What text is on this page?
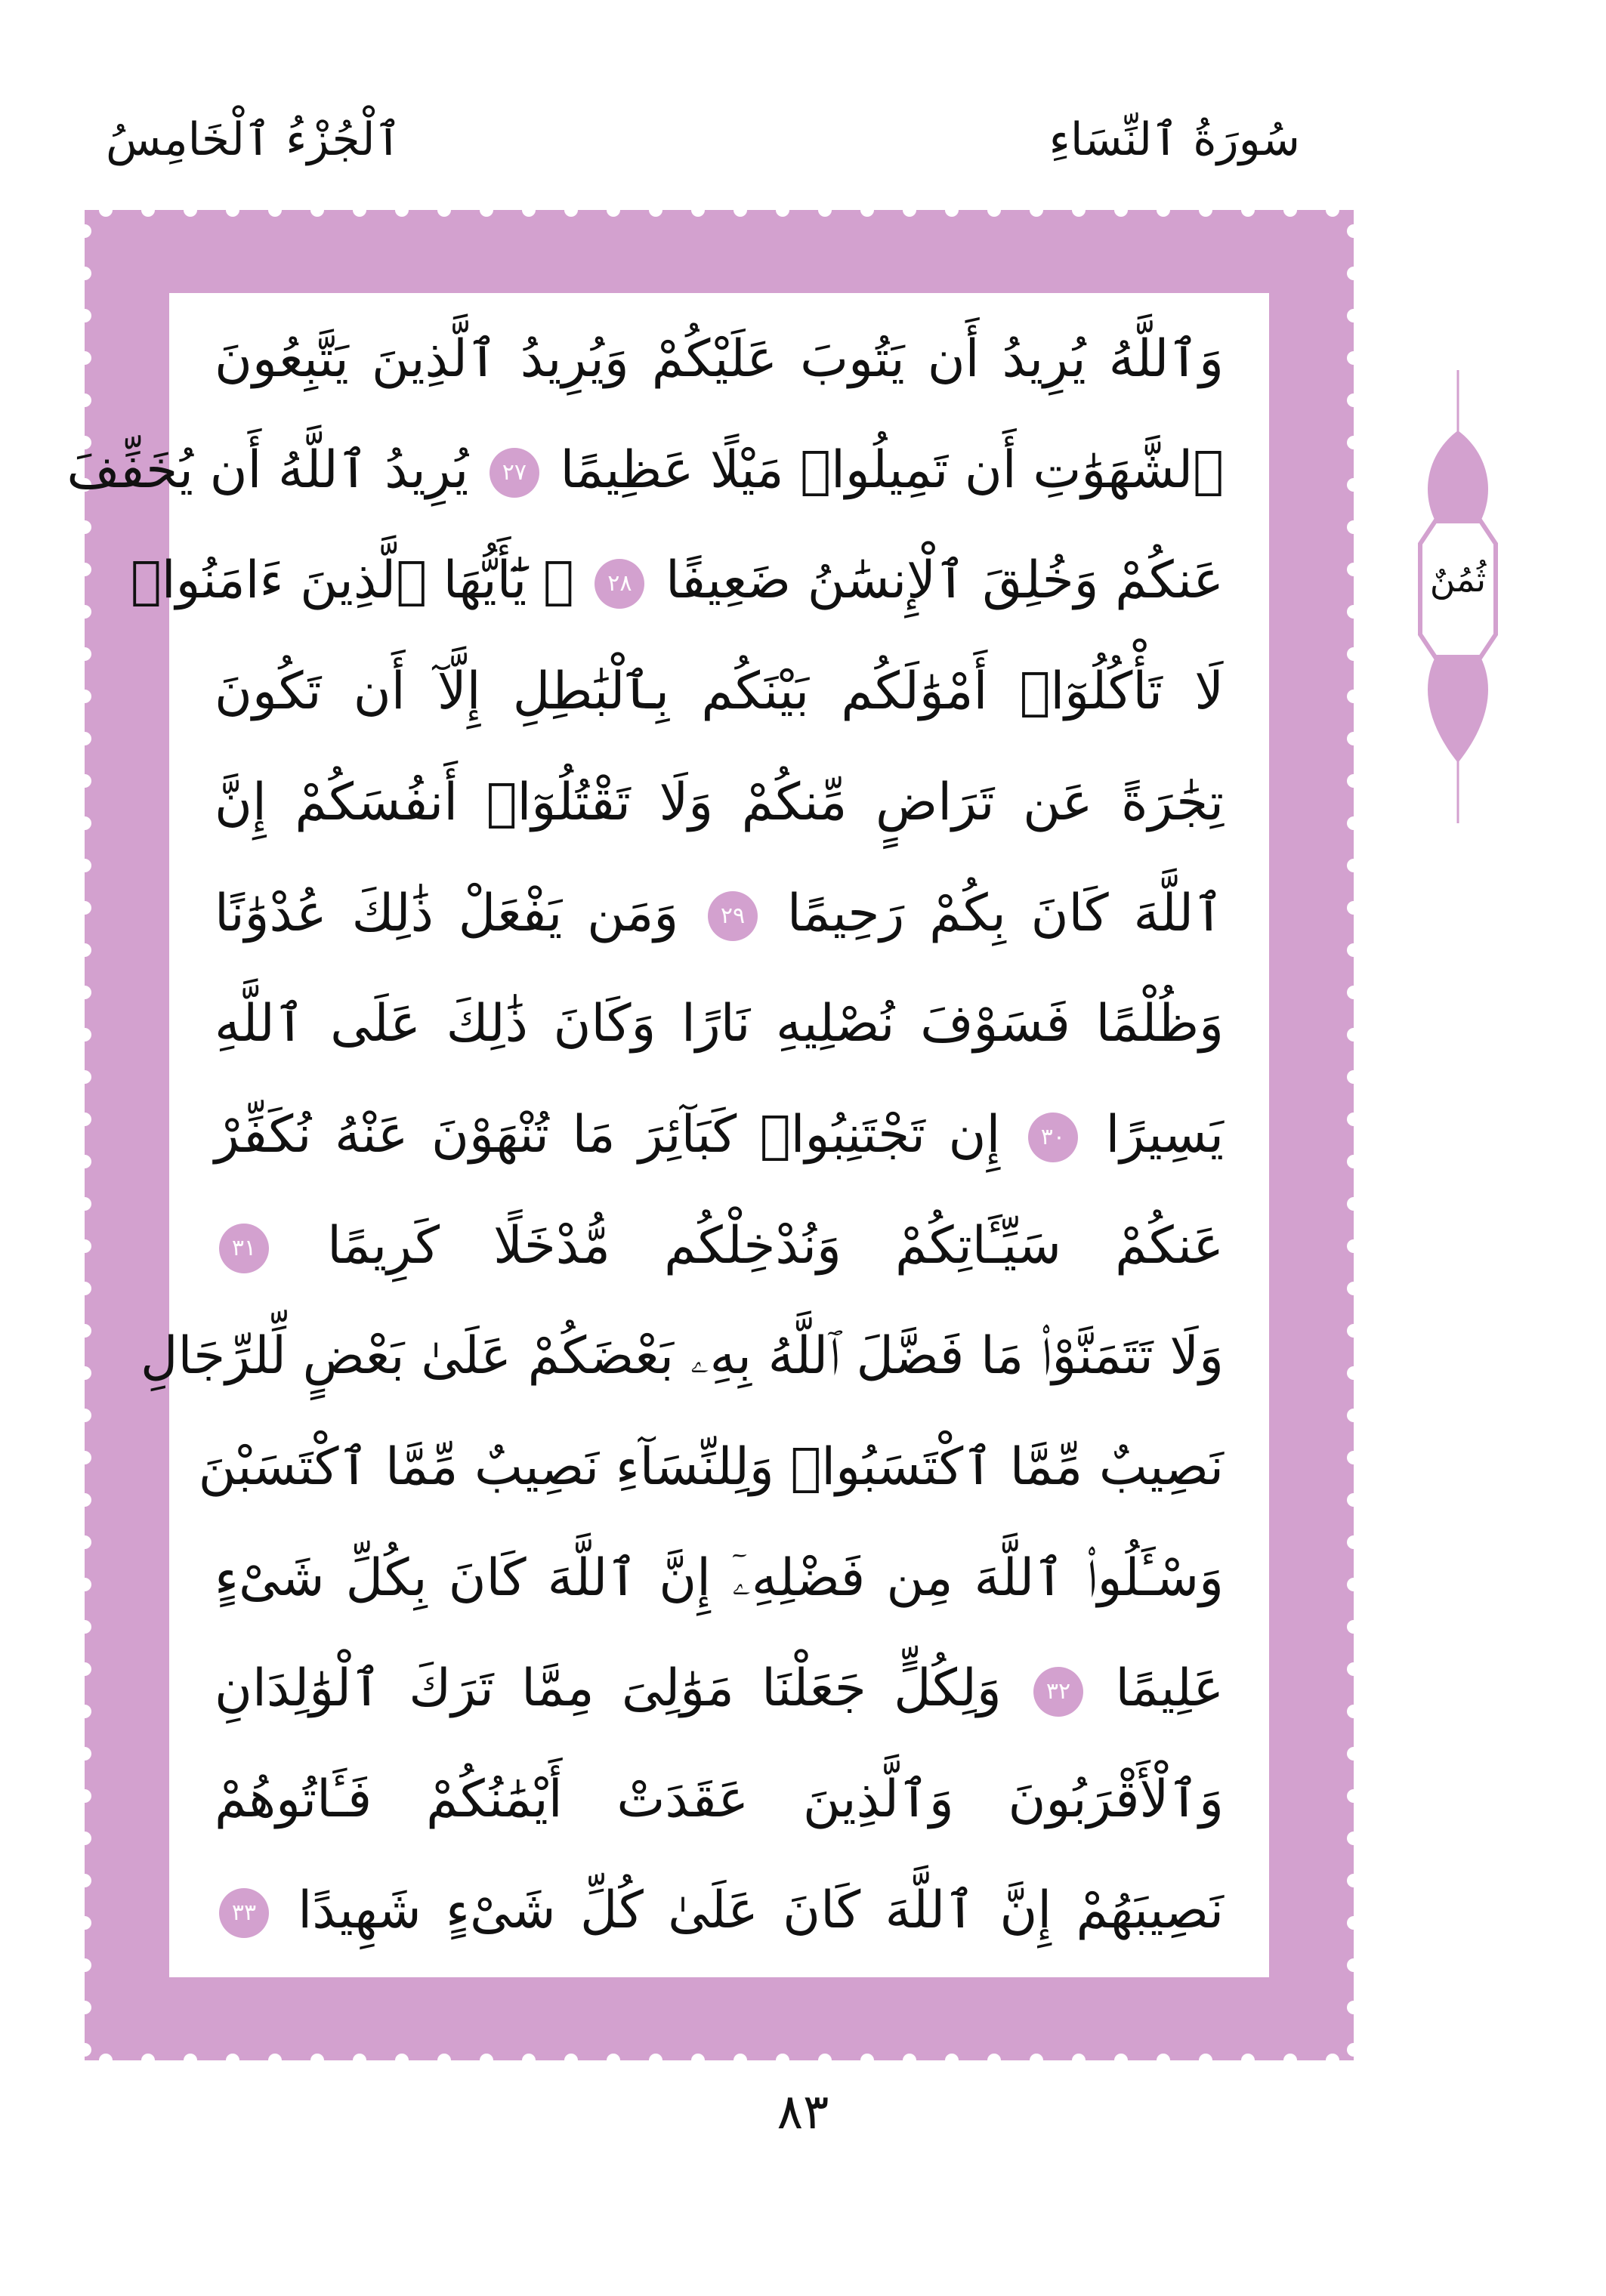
سُورَةُ ٱلنِّسَاءِ
ٱلْجُزْءُ ٱلْخَامِسُ
وَٱللَّهُ يُرِيدُ أَن يَتُوبَ عَلَيْكُمْ وَيُرِيدُ ٱلَّذِينَ يَتَّبِعُونَ
ٱلشَّهَوَٰتِ أَن تَمِيلُوا۟ مَيْلًا عَظِيمًا ٢٧ يُرِيدُ ٱللَّهُ أَن يُخَفِّفَ
عَنكُمْ وَخُلِقَ ٱلْإِنسَٰنُ ضَعِيفًا ٢٨ ۞ يَٰٓأَيُّهَا ٱلَّذِينَ ءَامَنُوا۟
لَا تَأْكُلُوٓا۟ أَمْوَٰلَكُم بَيْنَكُم بِٱلْبَٰطِلِ إِلَّآ أَن تَكُونَ
تِجَٰرَةً عَن تَرَاضٍ مِّنكُمْ وَلَا تَقْتُلُوٓا۟ أَنفُسَكُمْ إِنَّ
ٱللَّهَ كَانَ بِكُمْ رَحِيمًا ٢٩ وَمَن يَفْعَلْ ذَٰلِكَ عُدْوَٰنًا
وَظُلْمًا فَسَوْفَ نُصْلِيهِ نَارًا وَكَانَ ذَٰلِكَ عَلَى ٱللَّهِ
يَسِيرًا ٣٠ إِن تَجْتَنِبُوا۟ كَبَآئِرَ مَا تُنْهَوْنَ عَنْهُ نُكَفِّرْ
عَنكُمْ سَيِّـَٔاتِكُمْ وَنُدْخِلْكُم مُّدْخَلًا كَرِيمًا ٣١
وَلَا تَتَمَنَّوْا۟ مَا فَضَّلَ ٱللَّهُ بِهِۦ بَعْضَكُمْ عَلَىٰ بَعْضٍ لِّلرِّجَالِ
نَصِيبٌ مِّمَّا ٱكْتَسَبُوا۟ وَلِلنِّسَآءِ نَصِيبٌ مِّمَّا ٱكْتَسَبْنَ
وَسْـَٔلُوا۟ ٱللَّهَ مِن فَضْلِهِۦٓ إِنَّ ٱللَّهَ كَانَ بِكُلِّ شَىْءٍ
عَلِيمًا ٣٢ وَلِكُلٍّ جَعَلْنَا مَوَٰلِىَ مِمَّا تَرَكَ ٱلْوَٰلِدَانِ
وَٱلْأَقْرَبُونَ وَٱلَّذِينَ عَقَدَتْ أَيْمَٰنُكُمْ فَـَٔاتُوهُمْ
نَصِيبَهُمْ إِنَّ ٱللَّهَ كَانَ عَلَىٰ كُلِّ شَىْءٍ شَهِيدًا ٣٣
ثُمُنٌ
٨٣
